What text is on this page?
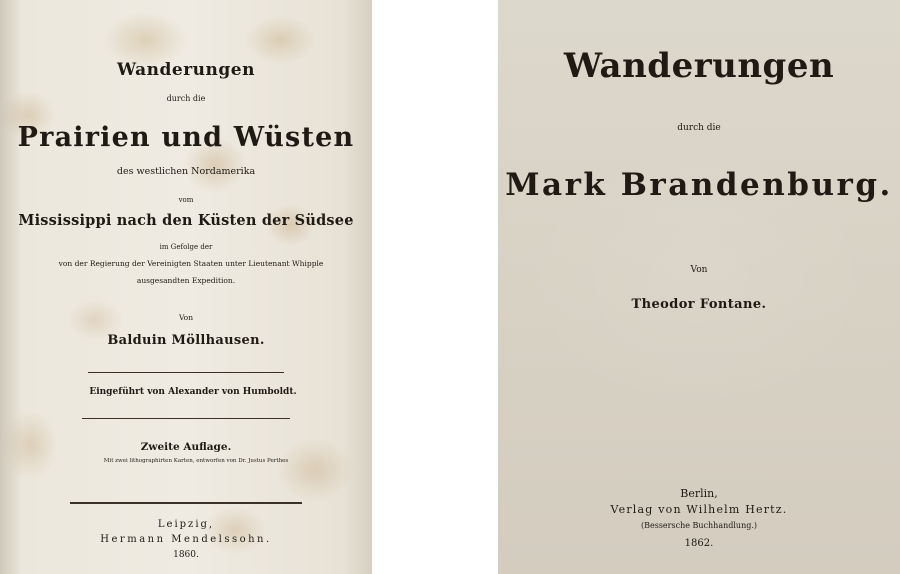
Wanderungen
durch die
Prairien und Wüsten
des westlichen Nordamerika
vom
Mississippi nach den Küsten der Südsee
im Gefolge der
von der Regierung der Vereinigten Staaten unter Lieutenant Whipple
ausgesandten Expedition.
Von
Balduin Möllhausen.
Eingeführt von Alexander von Humboldt.
Zweite Auflage.
Mit zwei lithographirten Karten, entworfen von Dr. Justus Perthes
Leipzig,
Hermann Mendelssohn.
1860.
Wanderungen
durch die
Mark Brandenburg.
Von
Theodor Fontane.
Berlin,
Verlag von Wilhelm Hertz.
(Bessersche Buchhandlung.)
1862.
